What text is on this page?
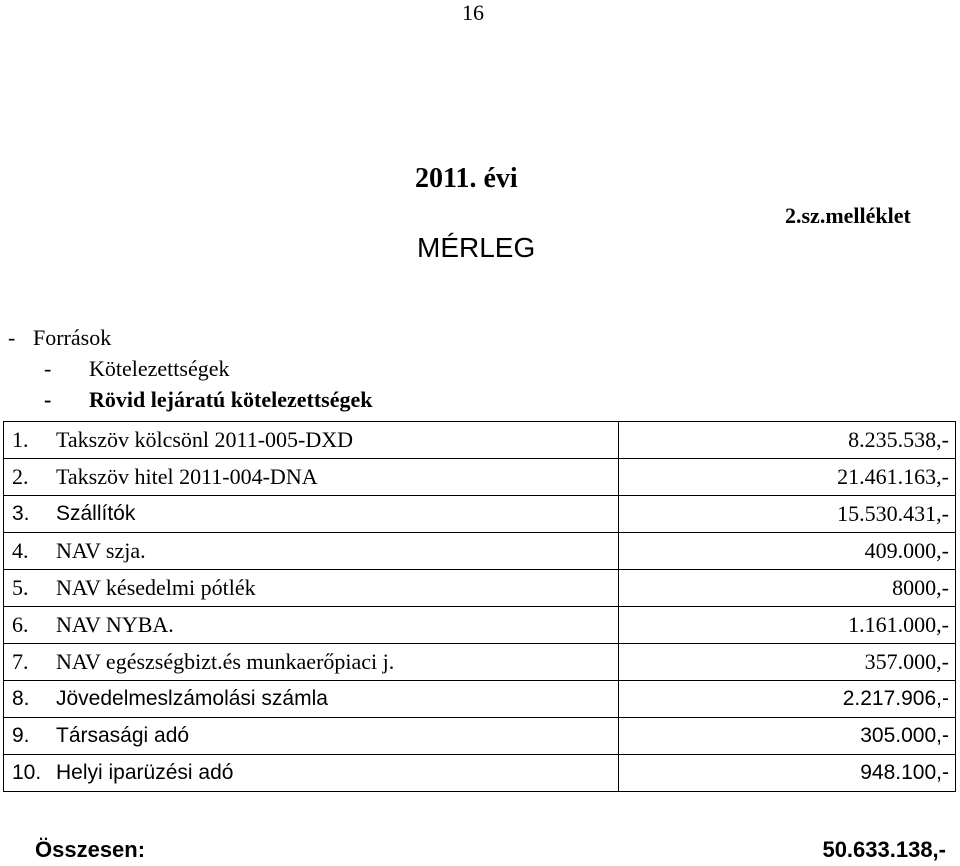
16
2011. évi
2.sz.melléklet
MÉRLEG
- Források
- Kötelezettségek
- Rövid lejáratú kötelezettségek
1. Takszöv kölcsönl 2011-005-DXD	8.235.538,-
2. Takszöv hitel 2011-004-DNA	21.461.163,-
3. Szállítók	15.530.431,-
4. NAV szja.	409.000,-
5. NAV késedelmi pótlék	8000,-
6. NAV NYBA.	1.161.000,-
7. NAV egészségbizt.és munkaerőpiaci j.	357.000,-
8. Jövedelmeslzámolási számla	2.217.906,-
9. Társasági adó	305.000,-
10. Helyi iparüzési adó	948.100,-
Összesen:	50.633.138,-
